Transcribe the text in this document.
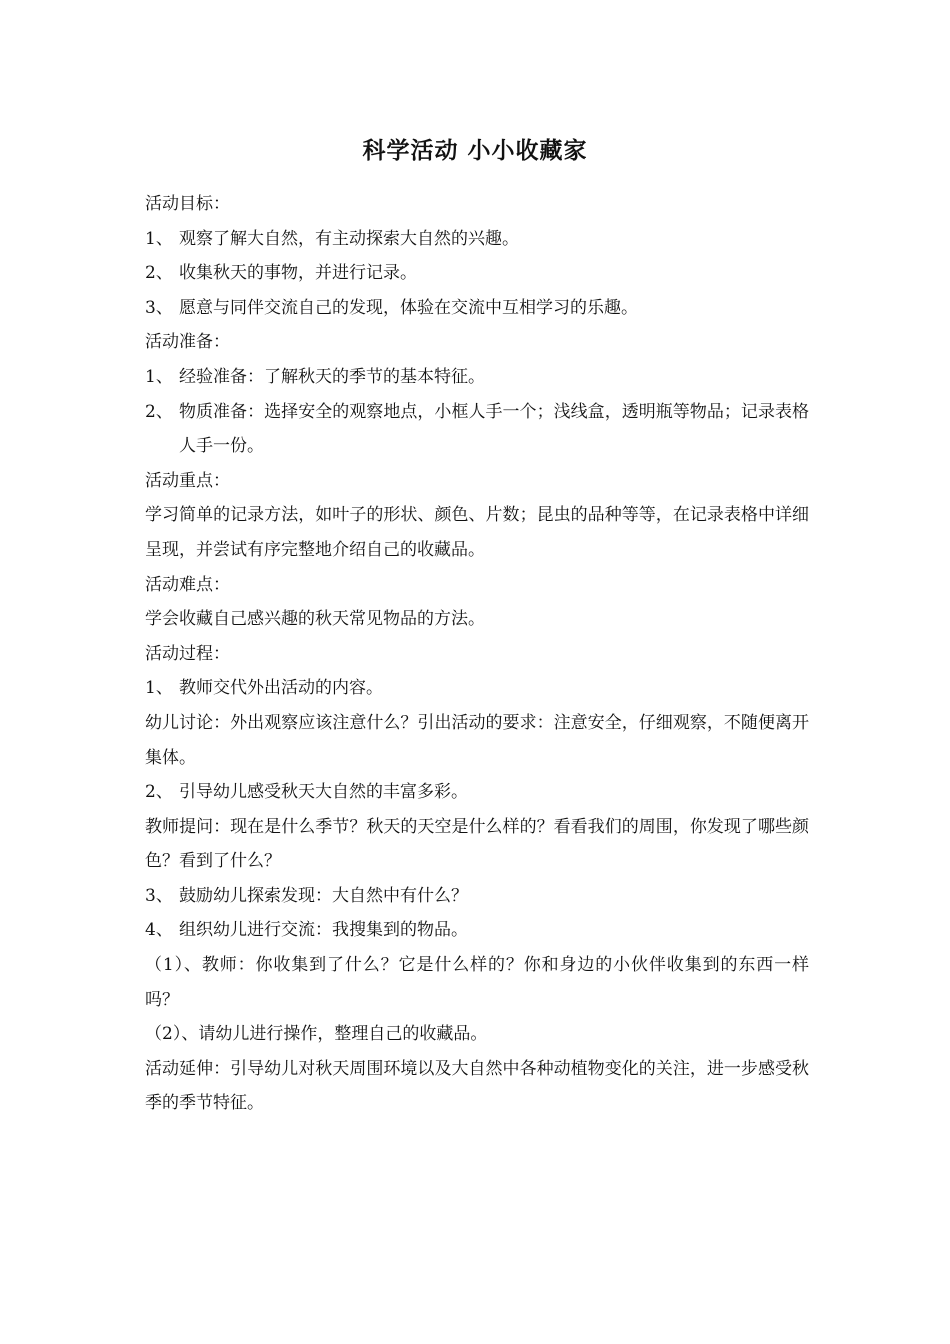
科学活动 小小收藏家
活动目标：
1、 观察了解大自然，有主动探索大自然的兴趣。
2、 收集秋天的事物，并进行记录。
3、 愿意与同伴交流自己的发现，体验在交流中互相学习的乐趣。
活动准备：
1、 经验准备：了解秋天的季节的基本特征。
2、 物质准备：选择安全的观察地点，小框人手一个；浅线盒，透明瓶等物品；记录表格人手一份。
活动重点：
学习简单的记录方法，如叶子的形状、颜色、片数；昆虫的品种等等，在记录表格中详细呈现，并尝试有序完整地介绍自己的收藏品。
活动难点：
学会收藏自己感兴趣的秋天常见物品的方法。
活动过程：
1、 教师交代外出活动的内容。
幼儿讨论：外出观察应该注意什么？引出活动的要求：注意安全，仔细观察，不随便离开集体。
2、 引导幼儿感受秋天大自然的丰富多彩。
教师提问：现在是什么季节？秋天的天空是什么样的？看看我们的周围，你发现了哪些颜色？看到了什么？
3、 鼓励幼儿探索发现：大自然中有什么？
4、 组织幼儿进行交流：我搜集到的物品。
（1）、教师：你收集到了什么？它是什么样的？你和身边的小伙伴收集到的东西一样吗？
（2）、请幼儿进行操作，整理自己的收藏品。
活动延伸：引导幼儿对秋天周围环境以及大自然中各种动植物变化的关注，进一步感受秋季的季节特征。
